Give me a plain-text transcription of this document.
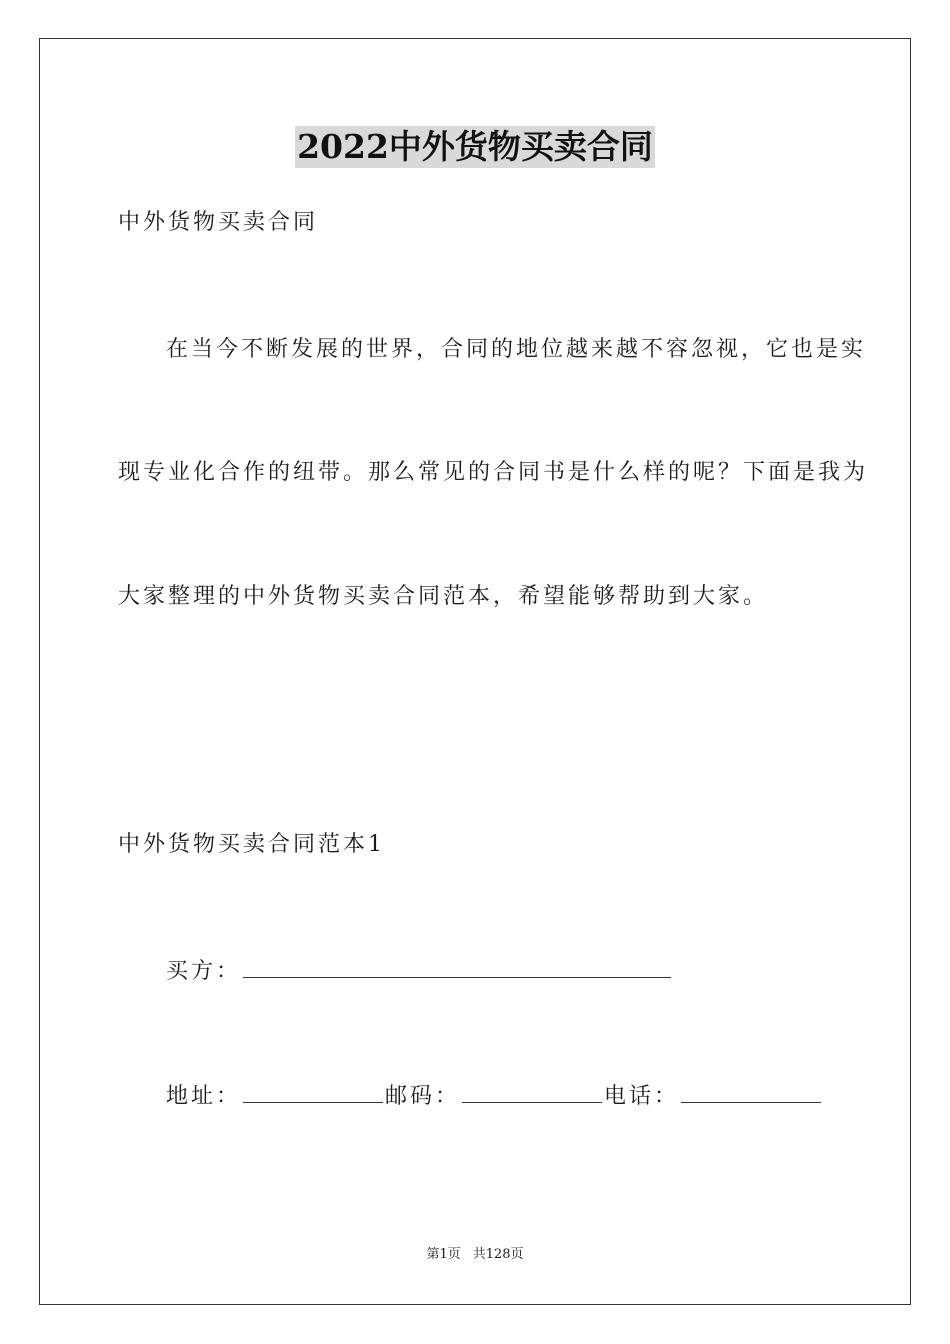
2022中外货物买卖合同
中外货物买卖合同
在当今不断发展的世界，合同的地位越来越不容忽视，它也是实
现专业化合作的纽带。那么常见的合同书是什么样的呢？下面是我为
大家整理的中外货物买卖合同范本，希望能够帮助到大家。
中外货物买卖合同范本1
买方：
地址：	邮码：	电话：
第1页 共128页
